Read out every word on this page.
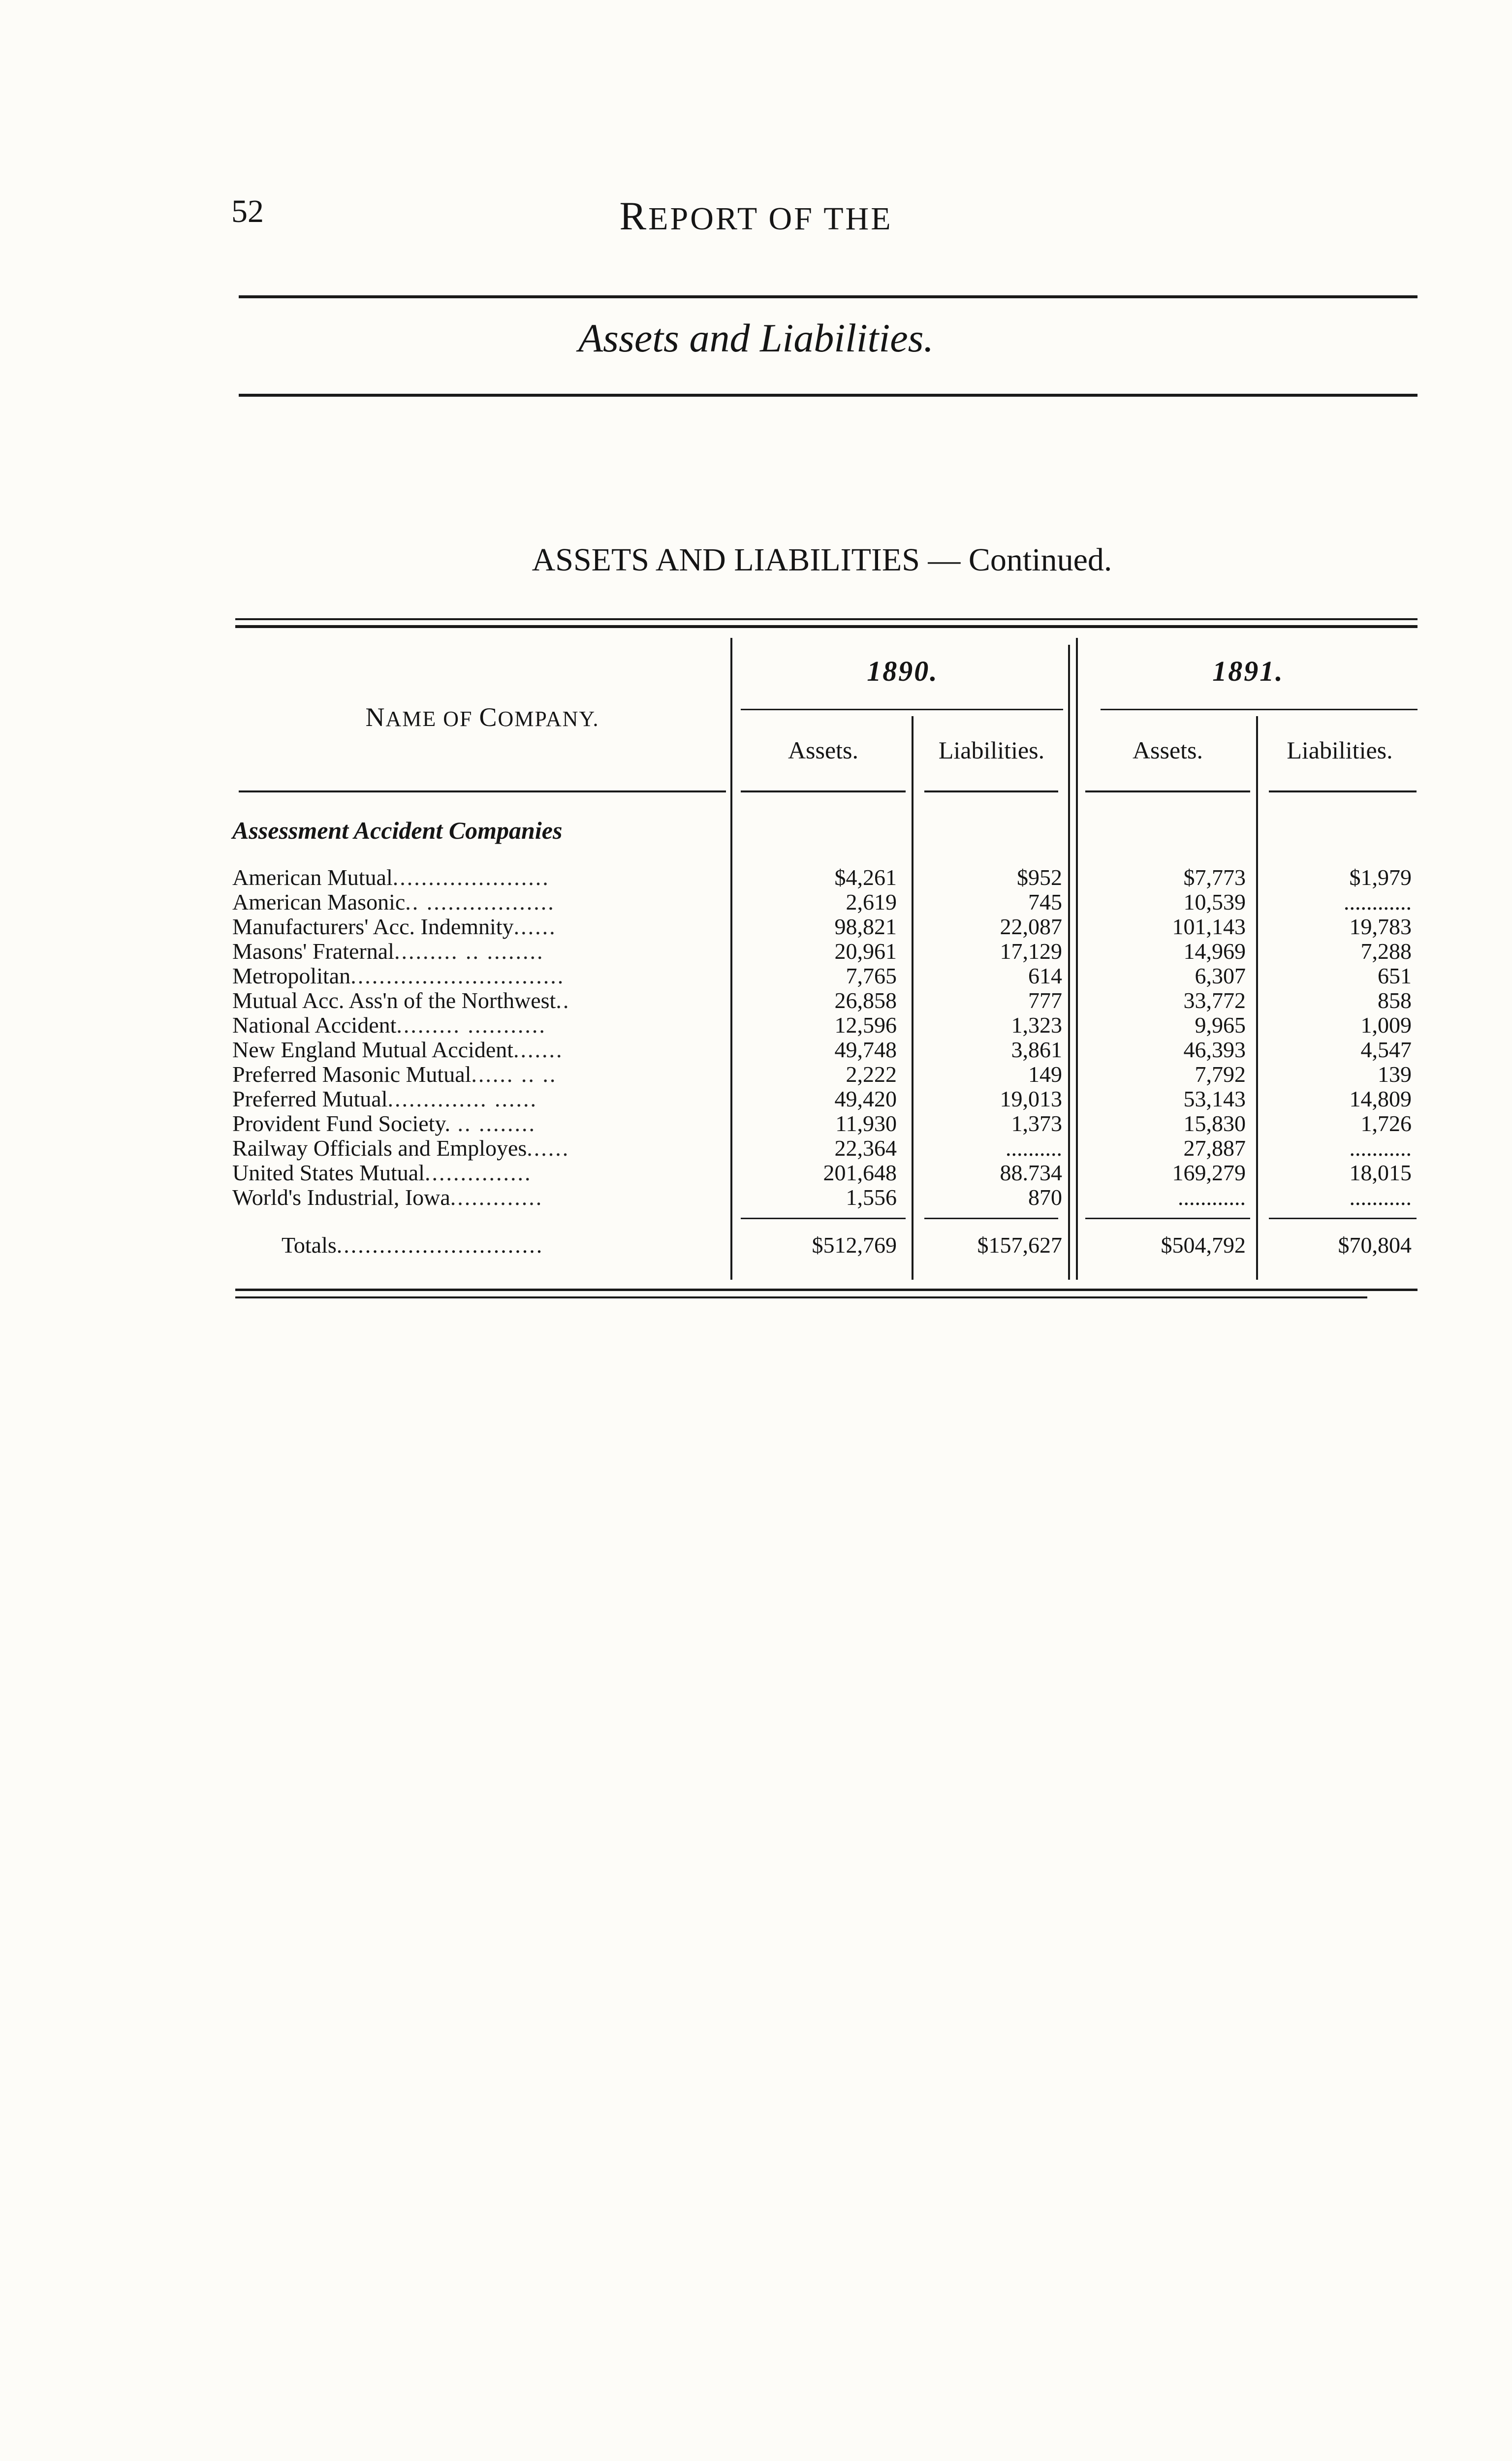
52	REPORT OF THE
Assets and Liabilities.
ASSETS AND LIABILITIES — Continued.
1890.	1891.
NAME OF COMPANY.
Assets.	Liabilities.	Assets.	Liabilities.
Assessment Accident Companies
American Mutual......................	$4,261	$952	$7,773	$1,979
American Masonic.. ..................	2,619	745	10,539	............
Manufacturers' Acc. Indemnity......	98,821	22,087	101,143	19,783
Masons' Fraternal......... .. ........	20,961	17,129	14,969	7,288
Metropolitan..............................	7,765	614	6,307	651
Mutual Acc. Ass'n of the Northwest..	26,858	777	33,772	858
National Accident......... ...........	12,596	1,323	9,965	1,009
New England Mutual Accident.......	49,748	3,861	46,393	4,547
Preferred Masonic Mutual...... .. ..	2,222	149	7,792	139
Preferred Mutual.............. ......	49,420	19,013	53,143	14,809
Provident Fund Society. .. ........	11,930	1,373	15,830	1,726
Railway Officials and Employes......	22,364	..........	27,887	...........
United States Mutual...............	201,648	88.734	169,279	18,015
World's Industrial, Iowa.............	1,556	870	............	...........
Totals.............................	$512,769	$157,627	$504,792	$70,804
